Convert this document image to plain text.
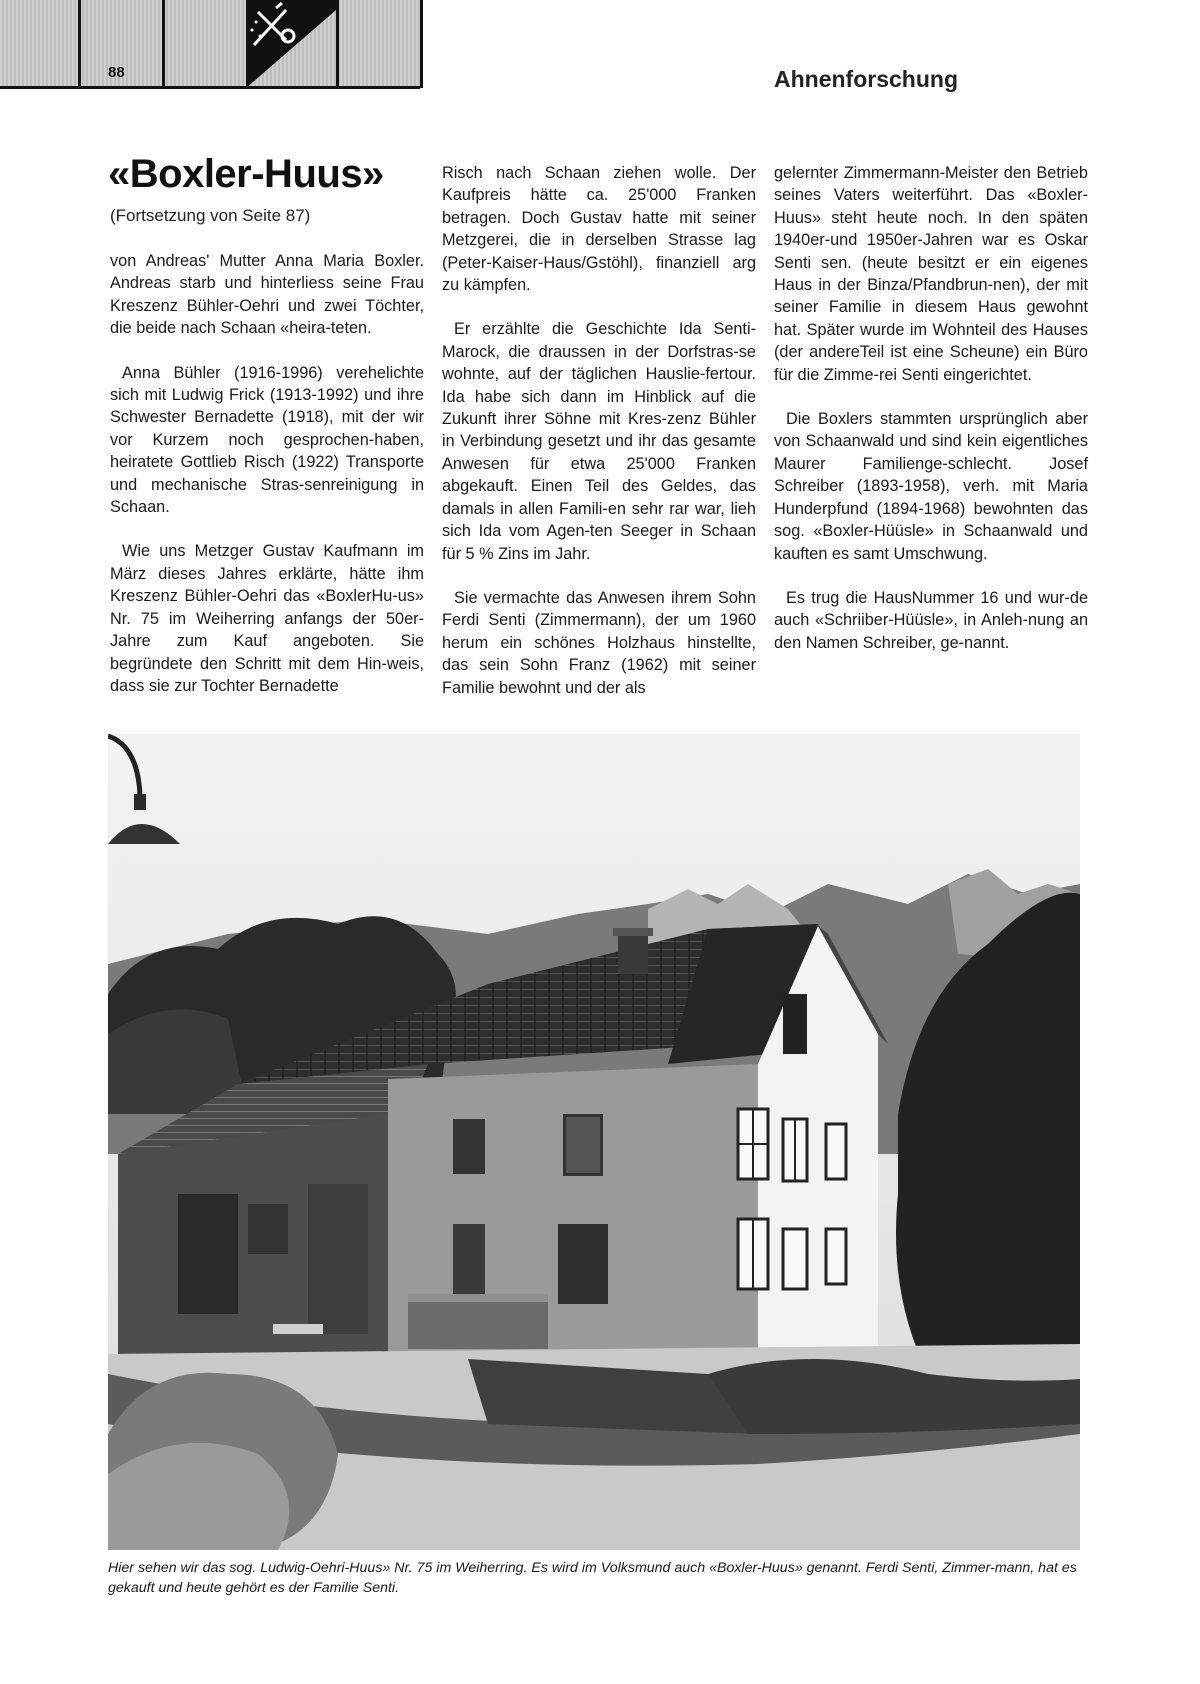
88	Ahnenforschung
«Boxler-Huus»
(Fortsetzung von Seite 87)

von Andreas' Mutter Anna Maria Boxler. Andreas starb und hinterliess seine Frau Kreszenz Bühler-Oehri und zwei Töchter, die beide nach Schaan «heira-teten.

Anna Bühler (1916-1996) verehelichte sich mit Ludwig Frick (1913-1992) und ihre Schwester Bernadette (1918), mit der wir vor Kurzem noch gesprochen-haben, heiratete Gottlieb Risch (1922) Transporte und mechanische Stras-senreinigung in Schaan.

Wie uns Metzger Gustav Kaufmann im März dieses Jahres erklärte, hätte ihm Kreszenz Bühler-Oehri das «BoxlerHu-us» Nr. 75 im Weiherring anfangs der 50er-Jahre zum Kauf angeboten. Sie begründete den Schritt mit dem Hin-weis, dass sie zur Tochter Bernadette

Risch nach Schaan ziehen wolle. Der Kaufpreis hätte ca. 25'000 Franken betragen. Doch Gustav hatte mit seiner Metzgerei, die in derselben Strasse lag (Peter-Kaiser-Haus/Gstöhl), finanziell arg zu kämpfen.

Er erzählte die Geschichte Ida Senti-Marock, die draussen in der Dorfstras-se wohnte, auf der täglichen Hauslie-fertour. Ida habe sich dann im Hinblick auf die Zukunft ihrer Söhne mit Kres-zenz Bühler in Verbindung gesetzt und ihr das gesamte Anwesen für etwa 25'000 Franken abgekauft. Einen Teil des Geldes, das damals in allen Famili-en sehr rar war, lieh sich Ida vom Agen-ten Seeger in Schaan für 5 % Zins im Jahr.

Sie vermachte das Anwesen ihrem Sohn Ferdi Senti (Zimmermann), der um 1960 herum ein schönes Holzhaus hinstellte, das sein Sohn Franz (1962) mit seiner Familie bewohnt und der als

gelernter Zimmermann-Meister den Betrieb seines Vaters weiterführt. Das «Boxler-Huus» steht heute noch. In den späten 1940er-und 1950er-Jahren war es Oskar Senti sen. (heute besitzt er ein eigenes Haus in der Binza/Pfandbrun-nen), der mit seiner Familie in diesem Haus gewohnt hat. Später wurde im Wohnteil des Hauses (der andereTeil ist eine Scheune) ein Büro für die Zimme-rei Senti eingerichtet.

Die Boxlers stammten ursprünglich aber von Schaanwald und sind kein eigentliches Maurer Familienge-schlecht. Josef Schreiber (1893-1958), verh. mit Maria Hunderpfund (1894-1968) bewohnten das sog. «Boxler-Hüüsle» in Schaanwald und kauften es samt Umschwung.

Es trug die HausNummer 16 und wur-de auch «Schriiber-Hüüsle», in Anleh-nung an den Namen Schreiber, ge-nannt.

Hier sehen wir das sog. Ludwig-Oehri-Huus» Nr. 75 im Weiherring. Es wird im Volksmund auch «Boxler-Huus» genannt. Ferdi Senti, Zimmer-mann, hat es gekauft und heute gehört es der Familie Senti.
